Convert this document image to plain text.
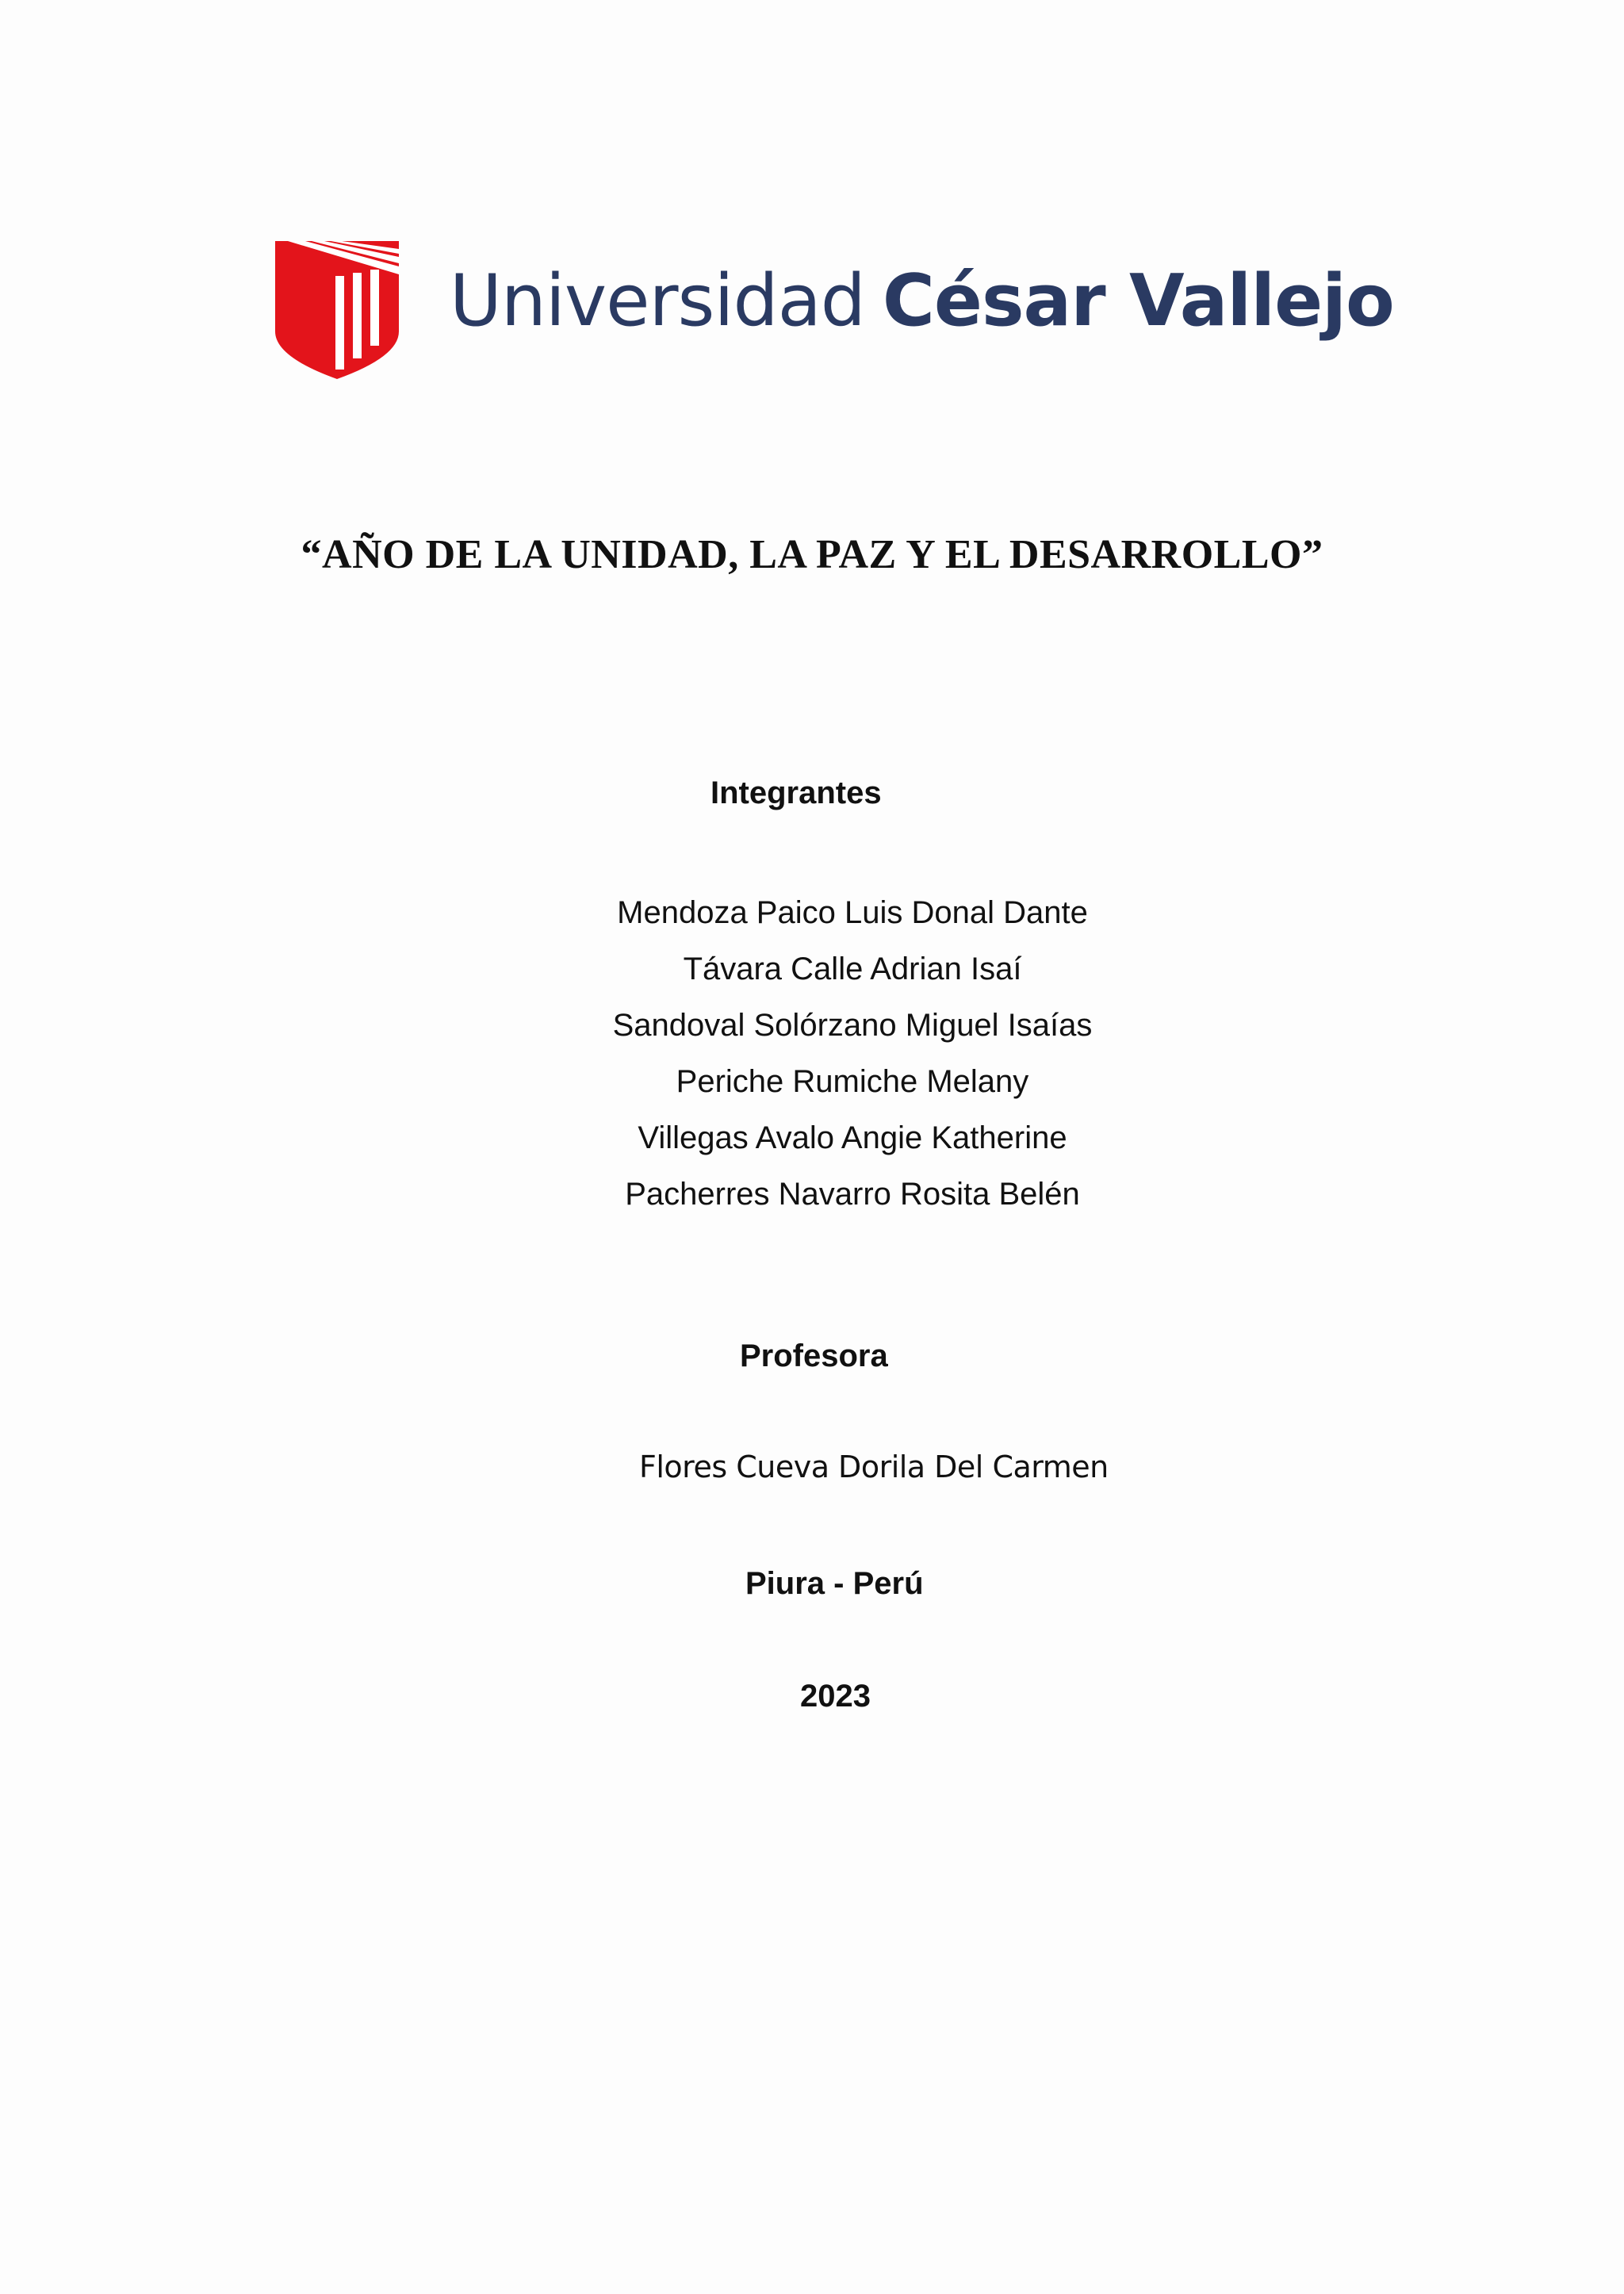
Universidad César Vallejo
“AÑO DE LA UNIDAD, LA PAZ Y EL DESARROLLO”
Integrantes
Mendoza Paico Luis Donal Dante
Távara Calle Adrian Isaí
Sandoval Solórzano Miguel Isaías
Periche Rumiche Melany
Villegas Avalo Angie Katherine
Pacherres Navarro Rosita Belén
Profesora
Flores Cueva Dorila Del Carmen
Piura - Perú
2023
